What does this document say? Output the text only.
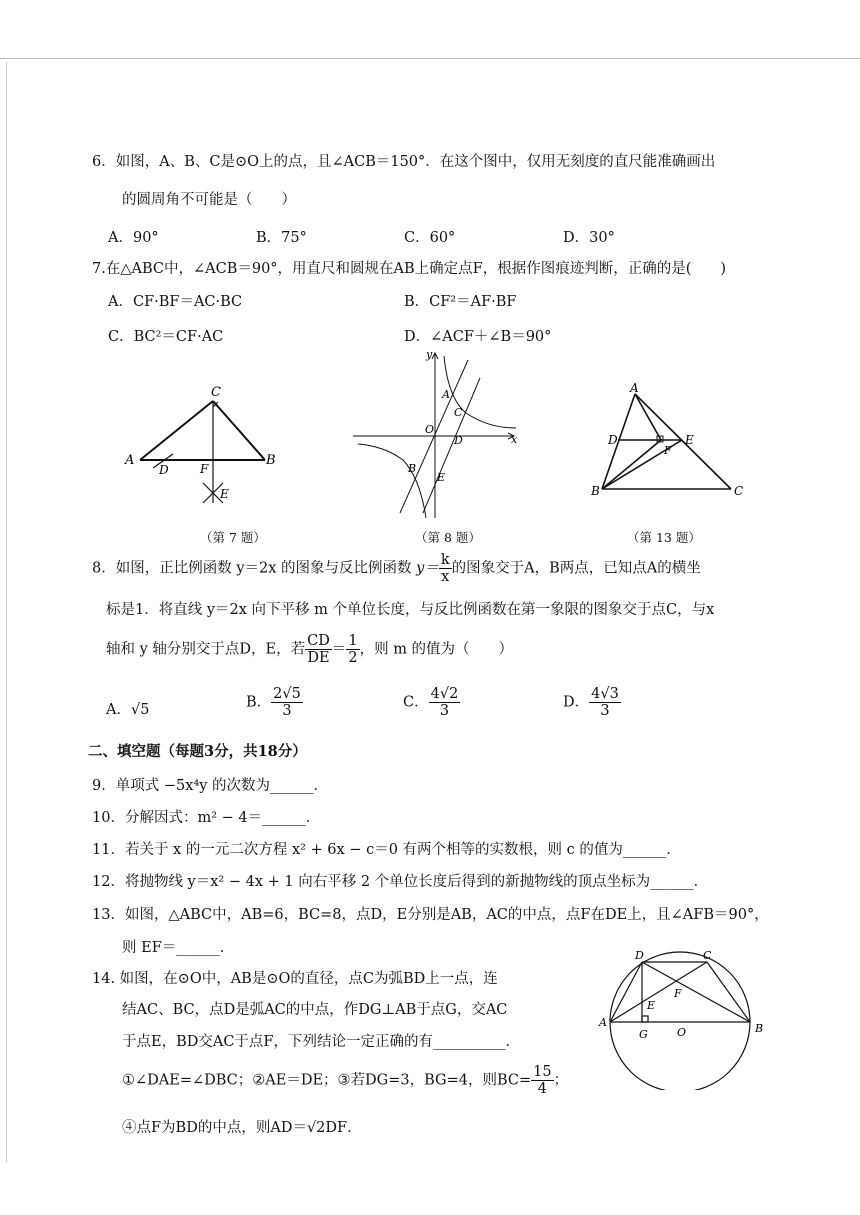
6．如图，A、B、C是⊙O上的点，且∠ACB＝150°．在这个图中，仅用无刻度的直尺能准确画出
的圆周角不可能是（　　）
A．90°	B．75°	C．60°	D．30°
7.在△ABC中，∠ACB＝90°，用直尺和圆规在AB上确定点F，根据作图痕迹判断，正确的是(　　)
A．CF·BF＝AC·BC	B．CF²＝AF·BF
C．BC²＝CF·AC	D．∠ACF＋∠B＝90°
C
A	B
D	F
E
y
x
O
A
C
D
B
E
A
D	E
F
B	C
（第 7 题）	（第 8 题）	（第 13 题）
8．如图，正比例函数 y＝2x 的图象与反比例函数 $y= \frac{k}{x}$ 的图象交于A，B两点，已知点A的横坐
标是1．将直线 y＝2x 向下平移 m 个单位长度，与反比例函数在第一象限的图象交于点C，与x
轴和 y 轴分别交于点D，E，若 $\frac{CD}{DE} = \frac{1}{2}$ ，则 m 的值为（　　）
A．√5	B． $\frac{2√5}{3}$	C． $\frac{4√2}{3}$	D． $\frac{4√3}{3}$
二、填空题（每题3分，共18分）
9．单项式 −5x⁴y 的次数为______．
10．分解因式：m² − 4＝______．
11．若关于 x 的一元二次方程 x² + 6x − c＝0 有两个相等的实数根，则 c 的值为______．
12．将抛物线 y＝x² − 4x + 1 向右平移 2 个单位长度后得到的新抛物线的顶点坐标为______．
13．如图，△ABC中，AB=6，BC=8，点D，E分别是AB，AC的中点，点F在DE上，且∠AFB＝90°，
则 EF＝______．
14. 如图，在⊙O中，AB是⊙O的直径，点C为弧BD上一点，连
结AC、BC，点D是弧AC的中点，作DG⊥AB于点G，交AC
于点E，BD交AC于点F，下列结论一定正确的有__________．
①∠DAE=∠DBC；②AE＝DE；③若DG=3，BG=4，则$BC= \frac{15}{4}$ ；
④点F为BD的中点，则AD＝√2DF．
D	C
A	B
E
F
G	O
